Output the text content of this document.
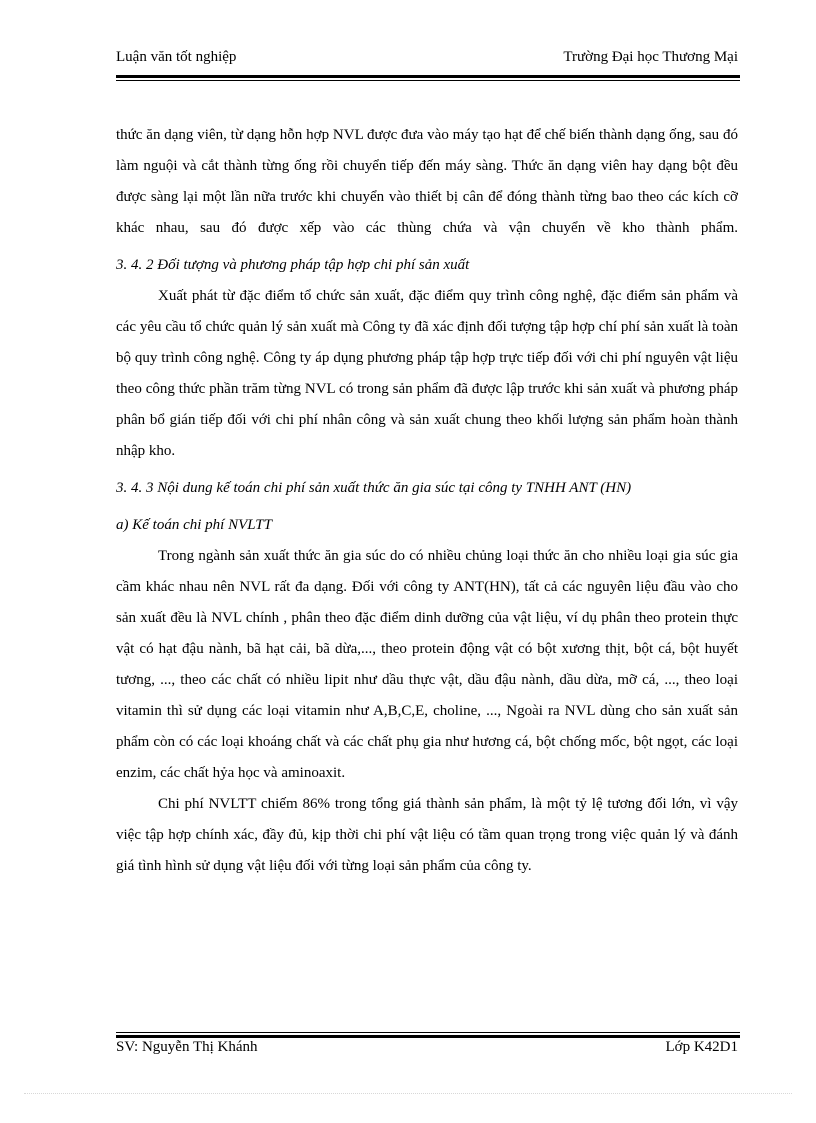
Luận văn tốt nghiệp	Trường Đại học Thương Mại

thức ăn dạng viên, từ dạng hỗn hợp NVL được đưa vào máy tạo hạt để chế biến thành dạng ống, sau đó làm nguội và cắt thành từng ống rồi chuyển tiếp đến máy sàng. Thức ăn dạng viên hay dạng bột đều được sàng lại một lần nữa trước khi chuyển vào thiết bị cân để đóng thành từng bao theo các kích cỡ khác nhau, sau đó được xếp vào các thùng chứa và vận chuyển về kho thành phẩm.

3. 4. 2 Đối tượng và phương pháp tập hợp chi phí sản xuất

Xuất phát từ đặc điểm tổ chức sản xuất, đặc điểm quy trình công nghệ, đặc điểm sản phẩm và các yêu cầu tổ chức quản lý sản xuất mà Công ty đã xác định đối tượng tập hợp chí phí sản xuất là toàn bộ quy trình công nghệ. Công ty áp dụng phương pháp tập hợp trực tiếp đối với chi phí nguyên vật liệu theo công thức phần trăm từng NVL có trong sản phẩm đã được lập trước khi sản xuất và phương pháp phân bổ gián tiếp đối với chi phí nhân công và sản xuất chung theo khối lượng sản phẩm hoàn thành nhập kho.

3. 4. 3 Nội dung kế toán chi phí sản xuất thức ăn gia súc tại công ty TNHH ANT (HN)

a) Kế toán chi phí NVLTT

Trong ngành sản xuất thức ăn gia súc do có nhiều chủng loại thức ăn cho nhiều loại gia súc gia cầm khác nhau nên NVL rất đa dạng. Đối với công ty ANT(HN), tất cả các nguyên liệu đầu vào cho sản xuất đều là NVL chính , phân theo đặc điểm dinh dưỡng của vật liệu, ví dụ phân theo protein thực vật có hạt đậu nành, bã hạt cải, bã dừa,..., theo protein động vật có bột xương thịt, bột cá, bột huyết tương, ..., theo các chất có nhiều lipit như dầu thực vật, dầu đậu nành, dầu dừa, mỡ cá, ..., theo loại vitamin thì sử dụng các loại vitamin như A,B,C,E, choline, ..., Ngoài ra NVL dùng cho sản xuất sản phẩm còn có các loại khoáng chất và các chất phụ gia như hương cá, bột chống mốc, bột ngọt, các loại enzim, các chất hỷa học và aminoaxit.

Chi phí NVLTT chiếm 86% trong tổng giá thành sản phẩm, là một tỷ lệ tương đối lớn, vì vậy việc tập hợp chính xác, đầy đủ, kịp thời chi phí vật liệu có tầm quan trọng trong việc quản lý và đánh giá tình hình sử dụng vật liệu đối với từng loại sản phẩm của công ty.

SV: Nguyễn Thị Khánh	Lớp K42D1
